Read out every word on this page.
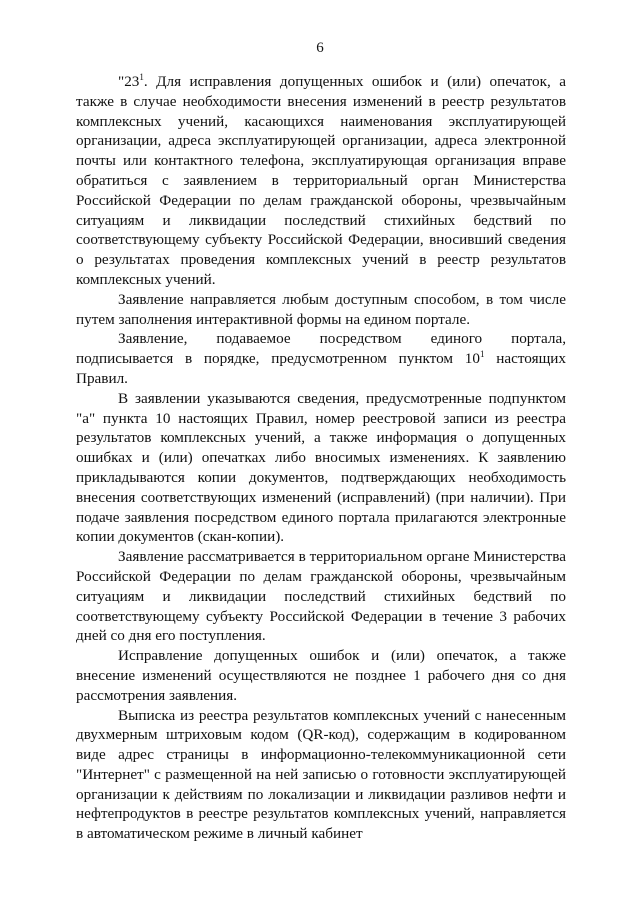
6

"$23^1$. Для исправления допущенных ошибок и (или) опечаток, а также в случае необходимости внесения изменений в реестр результатов комплексных учений, касающихся наименования эксплуатирующей организации, адреса эксплуатирующей организации, адреса электронной почты или контактного телефона, эксплуатирующая организация вправе обратиться с заявлением в территориальный орган Министерства Российской Федерации по делам гражданской обороны, чрезвычайным ситуациям и ликвидации последствий стихийных бедствий по соответствующему субъекту Российской Федерации, вносивший сведения о результатах проведения комплексных учений в реестр результатов комплексных учений.

Заявление направляется любым доступным способом, в том числе путем заполнения интерактивной формы на едином портале.

Заявление, подаваемое посредством единого портала, подписывается в порядке, предусмотренном пунктом $10^1$ настоящих Правил.

В заявлении указываются сведения, предусмотренные подпунктом "а" пункта 10 настоящих Правил, номер реестровой записи из реестра результатов комплексных учений, а также информация о допущенных ошибках и (или) опечатках либо вносимых изменениях. К заявлению прикладываются копии документов, подтверждающих необходимость внесения соответствующих изменений (исправлений) (при наличии). При подаче заявления посредством единого портала прилагаются электронные копии документов (скан-копии).

Заявление рассматривается в территориальном органе Министерства Российской Федерации по делам гражданской обороны, чрезвычайным ситуациям и ликвидации последствий стихийных бедствий по соответствующему субъекту Российской Федерации в течение 3 рабочих дней со дня его поступления.

Исправление допущенных ошибок и (или) опечаток, а также внесение изменений осуществляются не позднее 1 рабочего дня со дня рассмотрения заявления.

Выписка из реестра результатов комплексных учений с нанесенным двухмерным штриховым кодом (QR-код), содержащим в кодированном виде адрес страницы в информационно-телекоммуникационной сети "Интернет" с размещенной на ней записью о готовности эксплуатирующей организации к действиям по локализации и ликвидации разливов нефти и нефтепродуктов в реестре результатов комплексных учений, направляется в автоматическом режиме в личный кабинет
